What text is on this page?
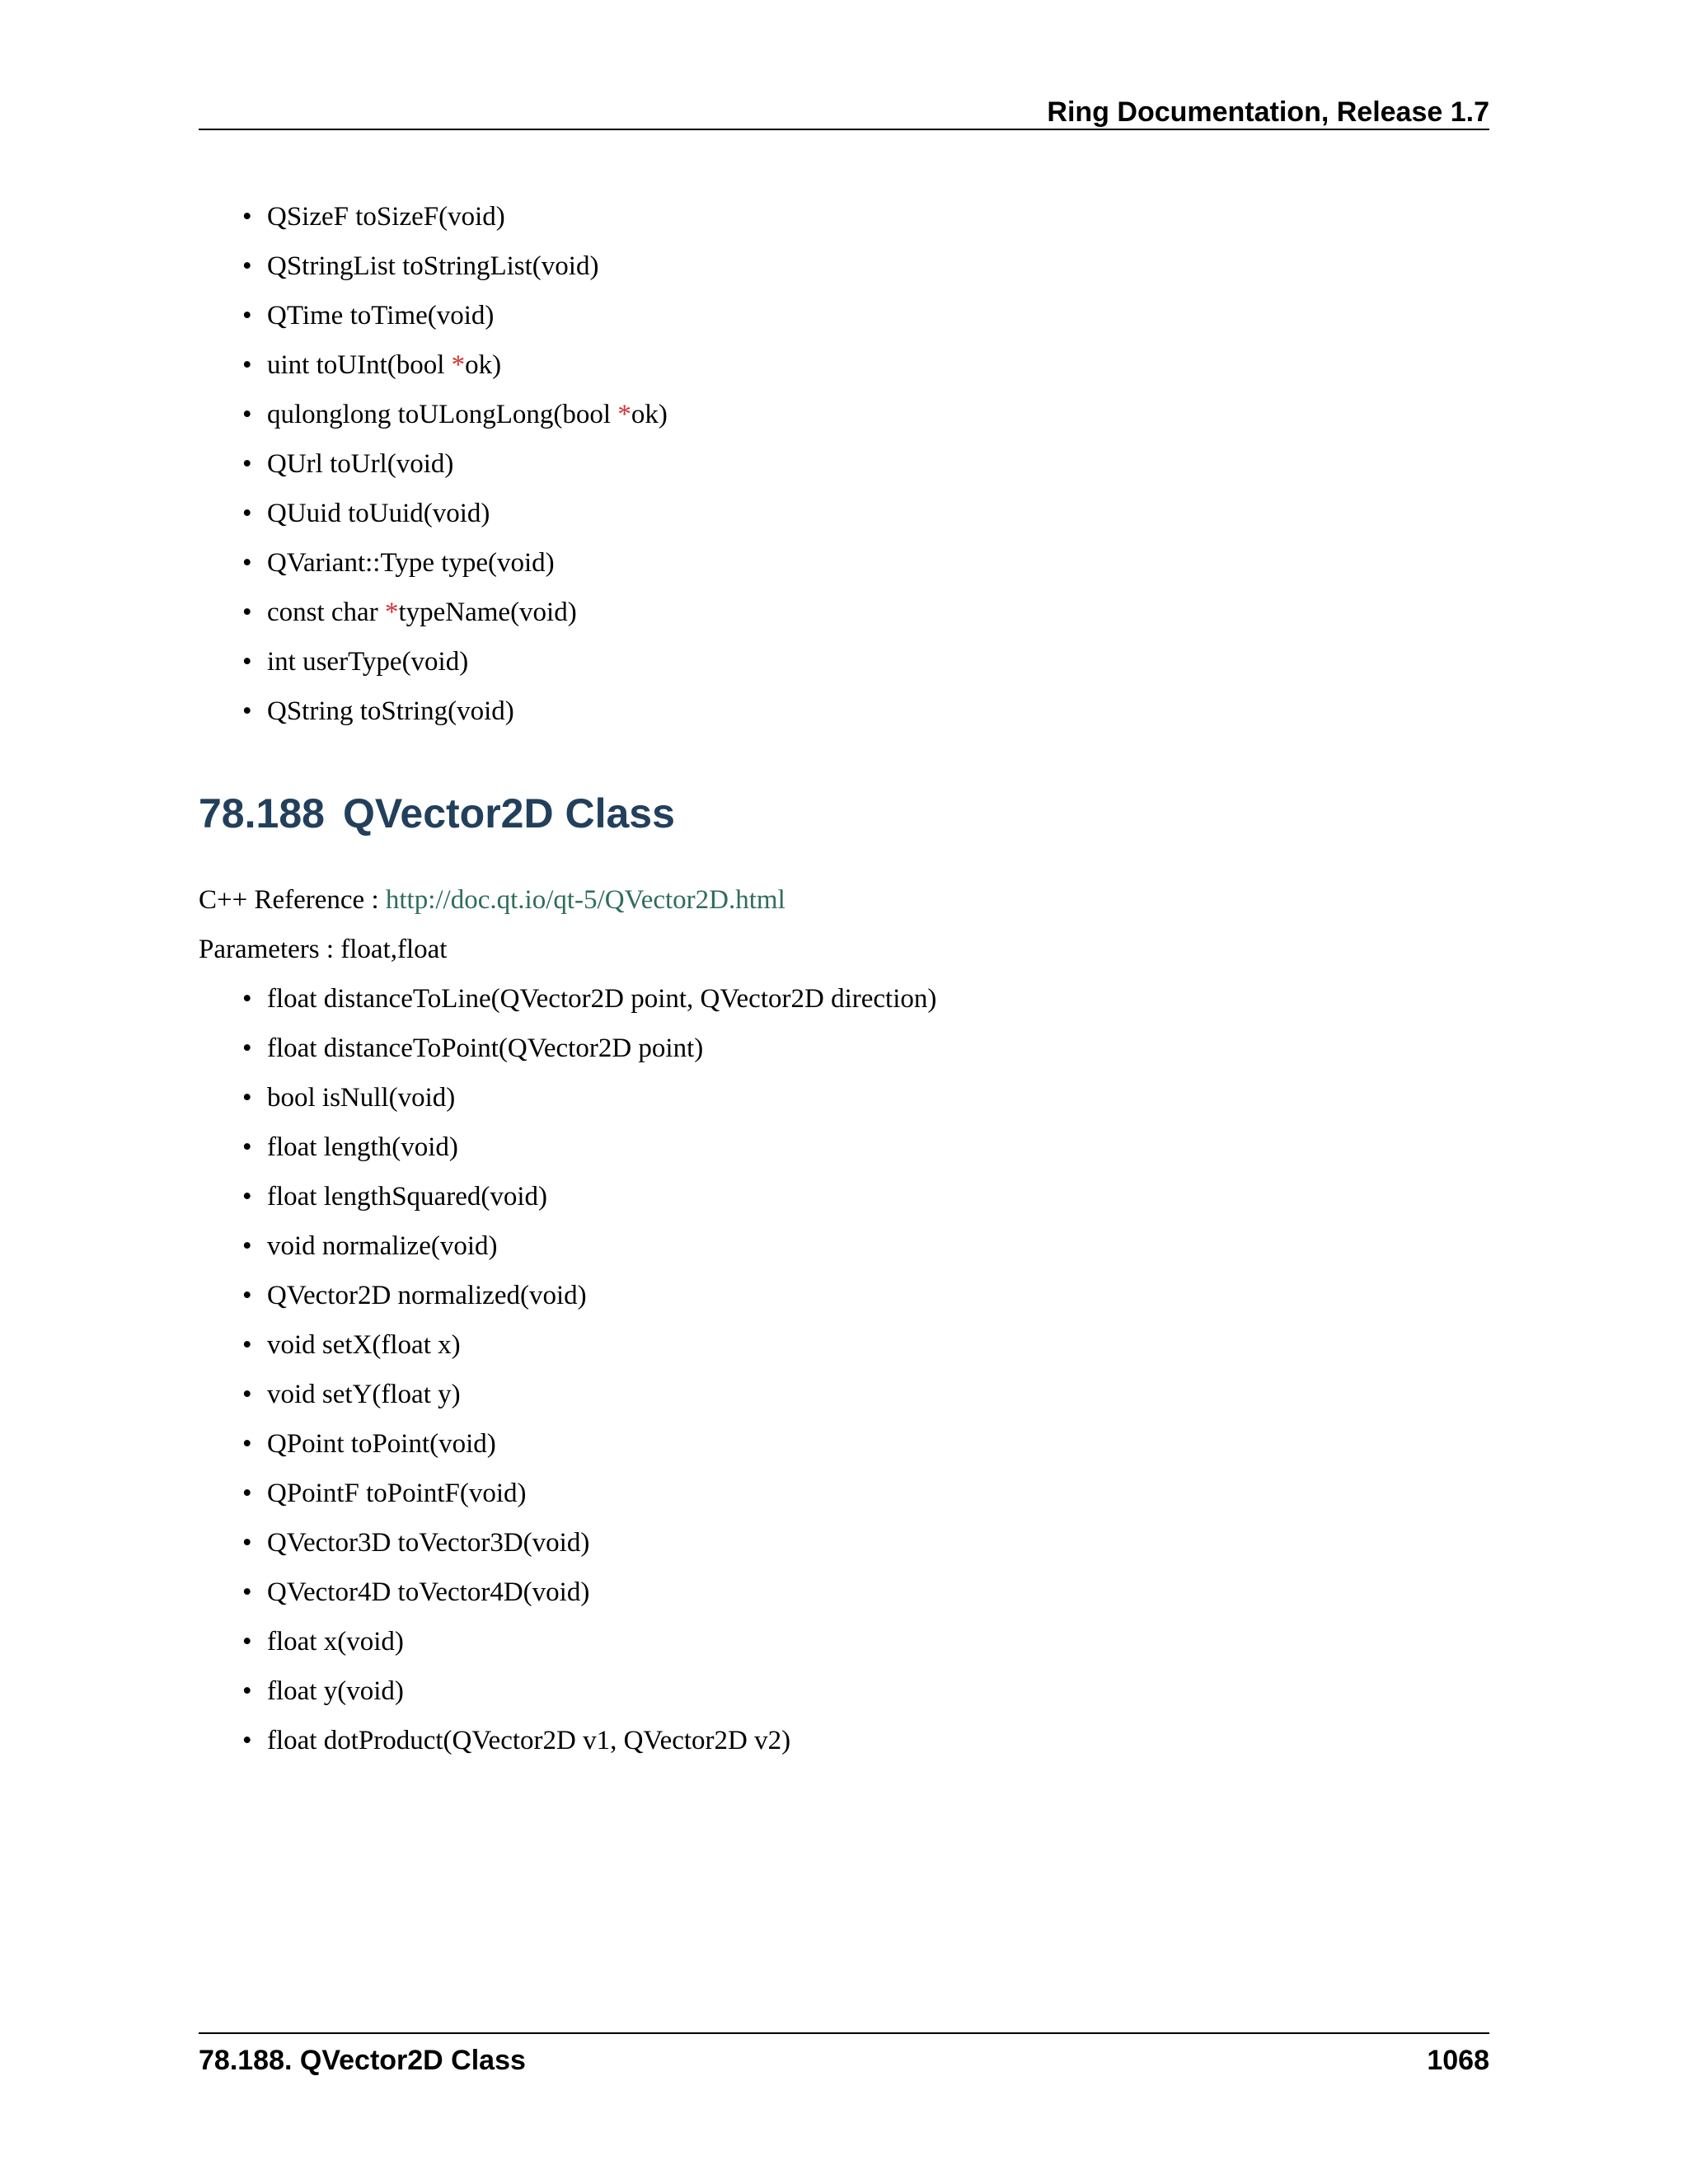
Ring Documentation, Release 1.7
• QSizeF toSizeF(void)
• QStringList toStringList(void)
• QTime toTime(void)
• uint toUInt(bool *ok)
• qulonglong toULongLong(bool *ok)
• QUrl toUrl(void)
• QUuid toUuid(void)
• QVariant::Type type(void)
• const char *typeName(void)
• int userType(void)
• QString toString(void)
78.188 QVector2D Class
C++ Reference : http://doc.qt.io/qt-5/QVector2D.html
Parameters : float,float
• float distanceToLine(QVector2D point, QVector2D direction)
• float distanceToPoint(QVector2D point)
• bool isNull(void)
• float length(void)
• float lengthSquared(void)
• void normalize(void)
• QVector2D normalized(void)
• void setX(float x)
• void setY(float y)
• QPoint toPoint(void)
• QPointF toPointF(void)
• QVector3D toVector3D(void)
• QVector4D toVector4D(void)
• float x(void)
• float y(void)
• float dotProduct(QVector2D v1, QVector2D v2)
78.188. QVector2D Class	1068
